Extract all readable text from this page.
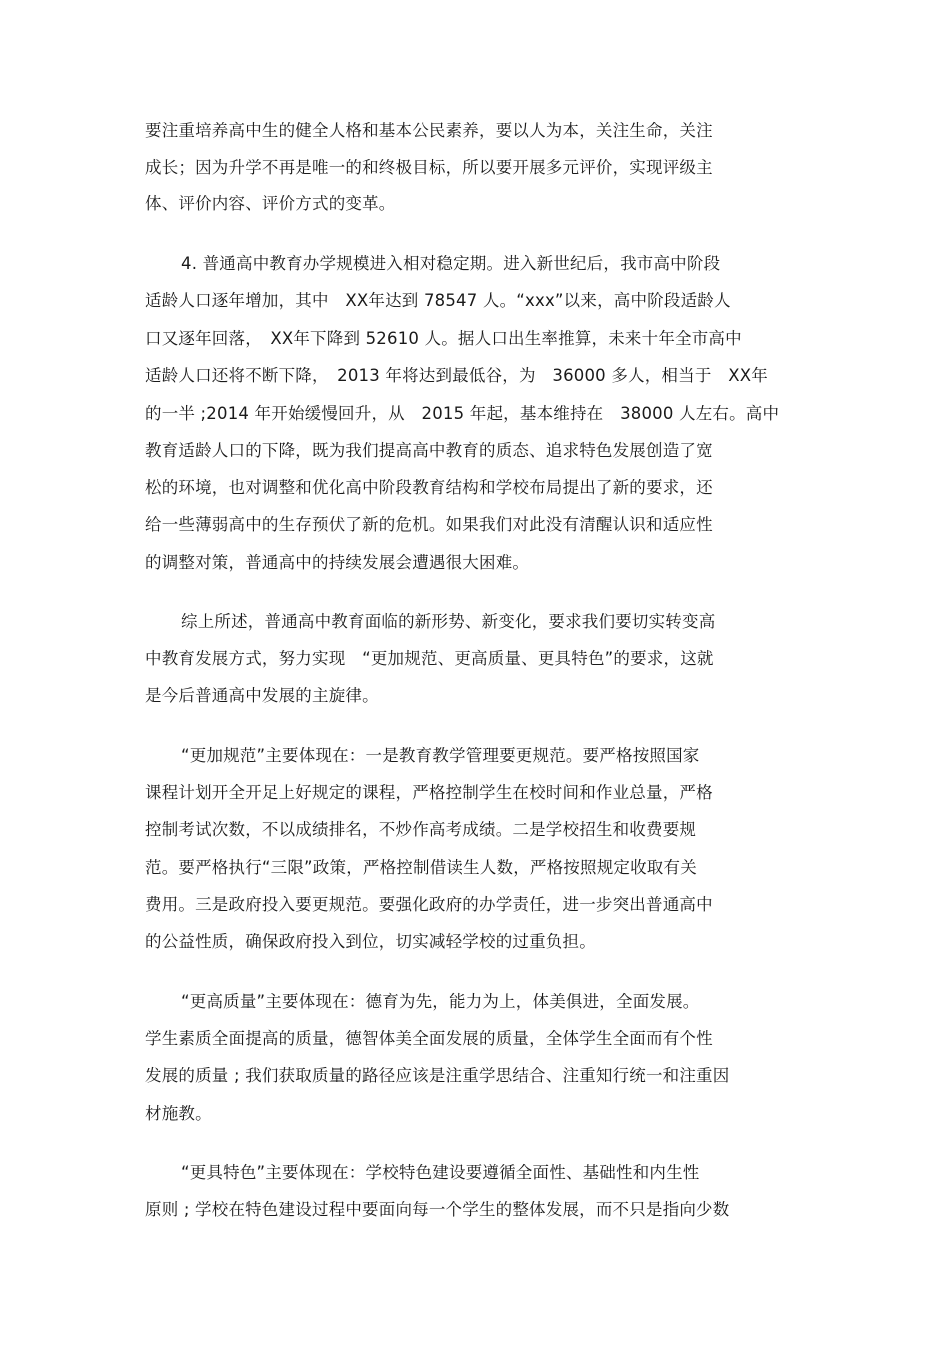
要注重培养高中生的健全人格和基本公民素养，要以人为本，关注生命，关注
成长；因为升学不再是唯一的和终极目标，所以要开展多元评价，实现评级主
体、评价内容、评价方式的变革。
4. 普通高中教育办学规模进入相对稳定期。进入新世纪后，我市高中阶段
适龄人口逐年增加，其中　XX年达到 78547 人。“xxx”以来，高中阶段适龄人
口又逐年回落，　XX年下降到 52610 人。据人口出生率推算，未来十年全市高中
适龄人口还将不断下降，　2013 年将达到最低谷，为　36000 多人，相当于　XX年
的一半 ;2014 年开始缓慢回升，从　2015 年起，基本维持在　38000 人左右。高中
教育适龄人口的下降，既为我们提高高中教育的质态、追求特色发展创造了宽
松的环境，也对调整和优化高中阶段教育结构和学校布局提出了新的要求，还
给一些薄弱高中的生存预伏了新的危机。如果我们对此没有清醒认识和适应性
的调整对策，普通高中的持续发展会遭遇很大困难。
综上所述，普通高中教育面临的新形势、新变化，要求我们要切实转变高
中教育发展方式，努力实现　“更加规范、更高质量、更具特色”的要求，这就
是今后普通高中发展的主旋律。
“更加规范”主要体现在：一是教育教学管理要更规范。要严格按照国家
课程计划开全开足上好规定的课程，严格控制学生在校时间和作业总量，严格
控制考试次数，不以成绩排名，不炒作高考成绩。二是学校招生和收费要规
范。要严格执行“三限”政策，严格控制借读生人数，严格按照规定收取有关
费用。三是政府投入要更规范。要强化政府的办学责任，进一步突出普通高中
的公益性质，确保政府投入到位，切实减轻学校的过重负担。
“更高质量”主要体现在：德育为先，能力为上，体美俱进，全面发展。
学生素质全面提高的质量，德智体美全面发展的质量，全体学生全面而有个性
发展的质量 ; 我们获取质量的路径应该是注重学思结合、注重知行统一和注重因
材施教。
“更具特色”主要体现在：学校特色建设要遵循全面性、基础性和内生性
原则 ; 学校在特色建设过程中要面向每一个学生的整体发展，而不只是指向少数
